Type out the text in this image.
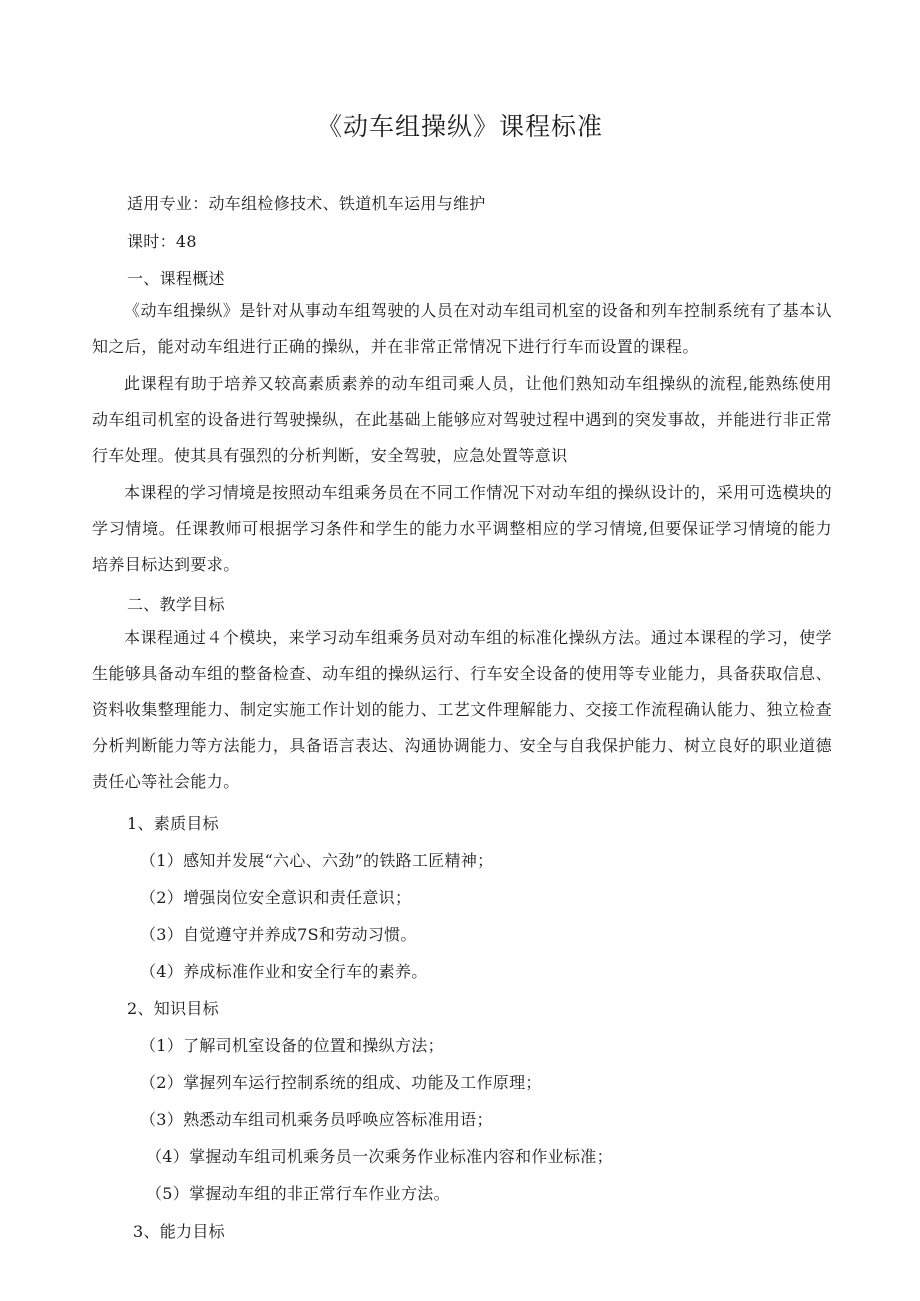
《动车组操纵》课程标准
适用专业：动车组检修技术、铁道机车运用与维护
课时：48
一、课程概述
《动车组操纵》是针对从事动车组驾驶的人员在对动车组司机室的设备和列车控制系统有了基本认知之后，能对动车组进行正确的操纵，并在非常正常情况下进行行车而设置的课程。
此课程有助于培养又较高素质素养的动车组司乘人员，让他们熟知动车组操纵的流程,能熟练使用动车组司机室的设备进行驾驶操纵，在此基础上能够应对驾驶过程中遇到的突发事故，并能进行非正常行车处理。使其具有强烈的分析判断，安全驾驶，应急处置等意识
本课程的学习情境是按照动车组乘务员在不同工作情况下对动车组的操纵设计的，采用可选模块的学习情境。任课教师可根据学习条件和学生的能力水平调整相应的学习情境,但要保证学习情境的能力培养目标达到要求。
二、教学目标
本课程通过４个模块，来学习动车组乘务员对动车组的标准化操纵方法。通过本课程的学习，使学生能够具备动车组的整备检查、动车组的操纵运行、行车安全设备的使用等专业能力，具备获取信息、资料收集整理能力、制定实施工作计划的能力、工艺文件理解能力、交接工作流程确认能力、独立检查分析判断能力等方法能力，具备语言表达、沟通协调能力、安全与自我保护能力、树立良好的职业道德责任心等社会能力。
1、素质目标
（1）感知并发展“六心、六劲”的铁路工匠精神；
（2）增强岗位安全意识和责任意识；
（3）自觉遵守并养成7S和劳动习惯。
（4）养成标准作业和安全行车的素养。
2、知识目标
（1）了解司机室设备的位置和操纵方法；
（2）掌握列车运行控制系统的组成、功能及工作原理；
（3）熟悉动车组司机乘务员呼唤应答标准用语；
（4）掌握动车组司机乘务员一次乘务作业标准内容和作业标准；
（5）掌握动车组的非正常行车作业方法。
3、能力目标
